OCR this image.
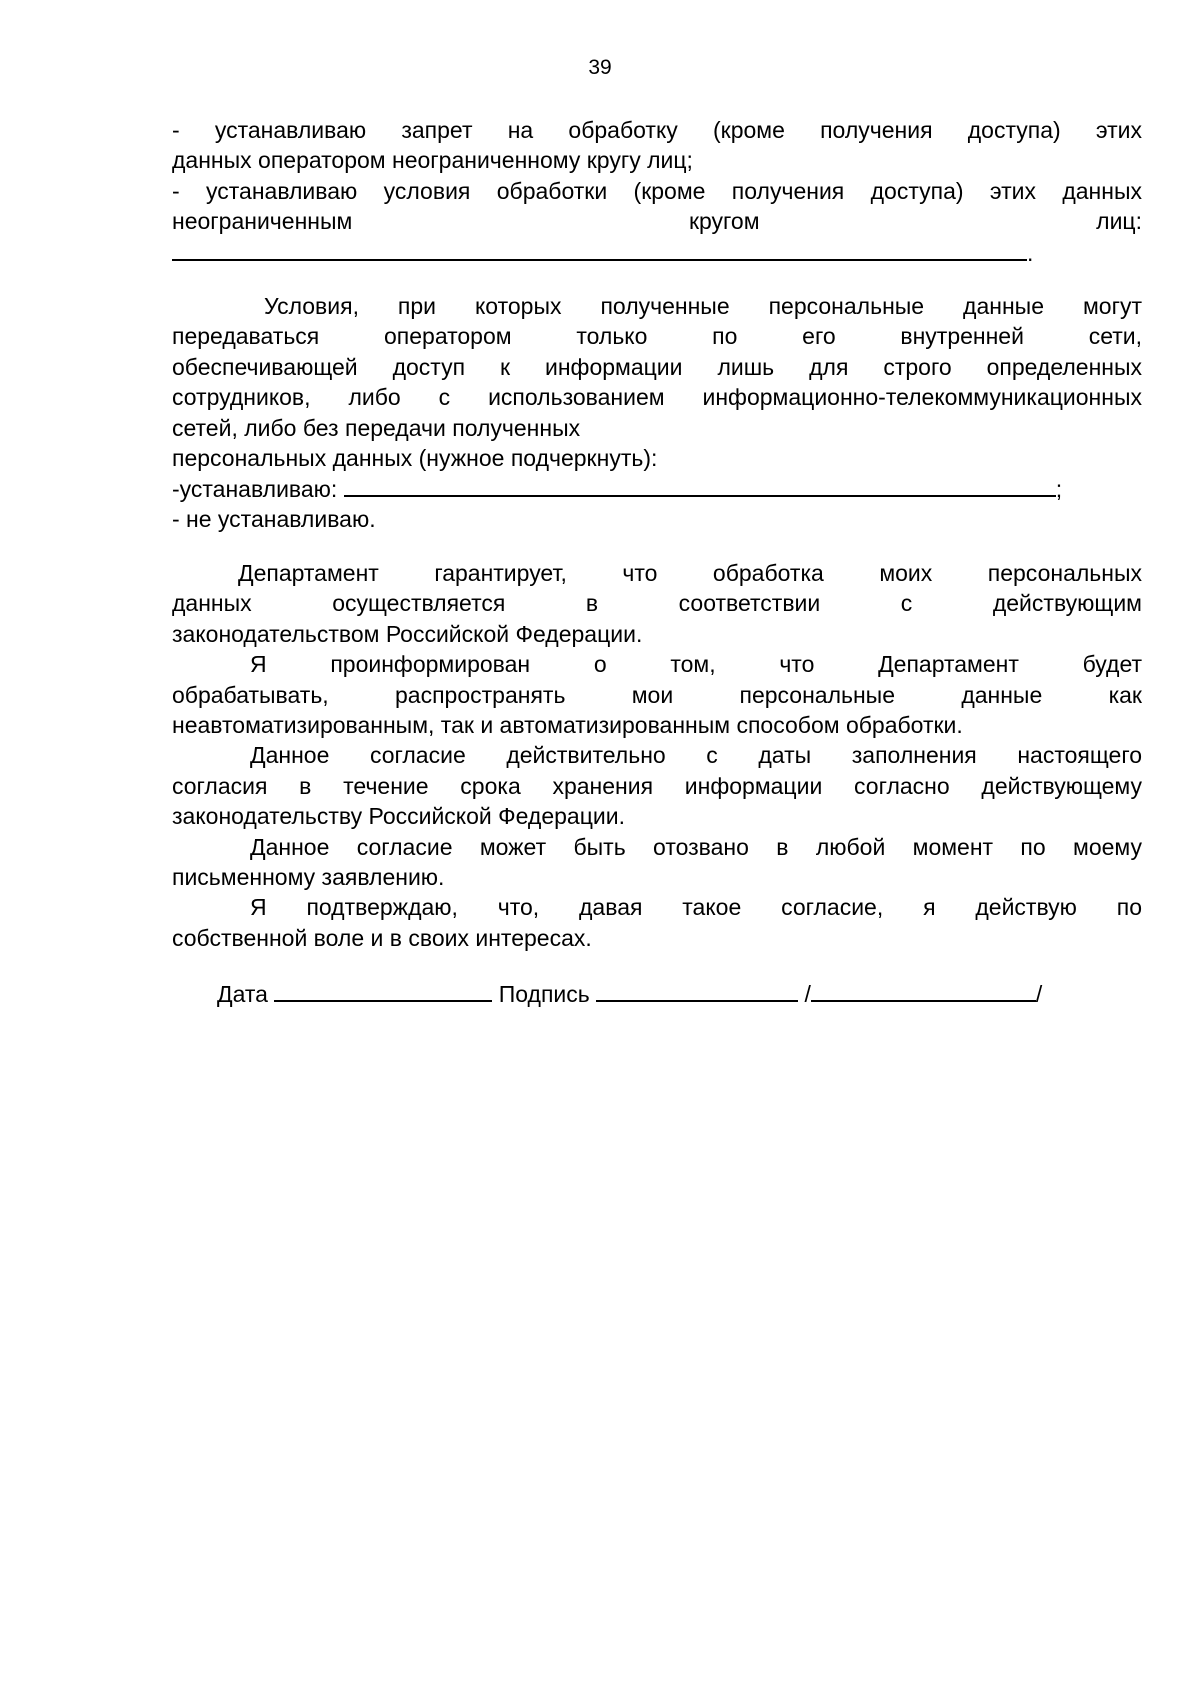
39
- устанавливаю запрет на обработку (кроме получения доступа) этих
данных оператором неограниченному кругу лиц;
- устанавливаю условия обработки (кроме получения доступа) этих данных
неограниченным кругом лиц:
.
Условия, при которых полученные персональные данные могут
передаваться оператором только по его внутренней сети,
обеспечивающей доступ к информации лишь для строго определенных
сотрудников, либо с использованием информационно-телекоммуникационных
сетей, либо без передачи полученных
персональных данных (нужное подчеркнуть):
-устанавливаю:	;
- не устанавливаю.
Департамент гарантирует, что обработка моих персональных
данных осуществляется в соответствии с действующим
законодательством Российской Федерации.
Я проинформирован о том, что Департамент будет
обрабатывать, распространять мои персональные данные как
неавтоматизированным, так и автоматизированным способом обработки.
Данное согласие действительно с даты заполнения настоящего
согласия в течение срока хранения информации согласно действующему
законодательству Российской Федерации.
Данное согласие может быть отозвано в любой момент по моему
письменному заявлению.
Я подтверждаю, что, давая такое согласие, я действую по
собственной воле и в своих интересах.
Дата	Подпись	/	/
